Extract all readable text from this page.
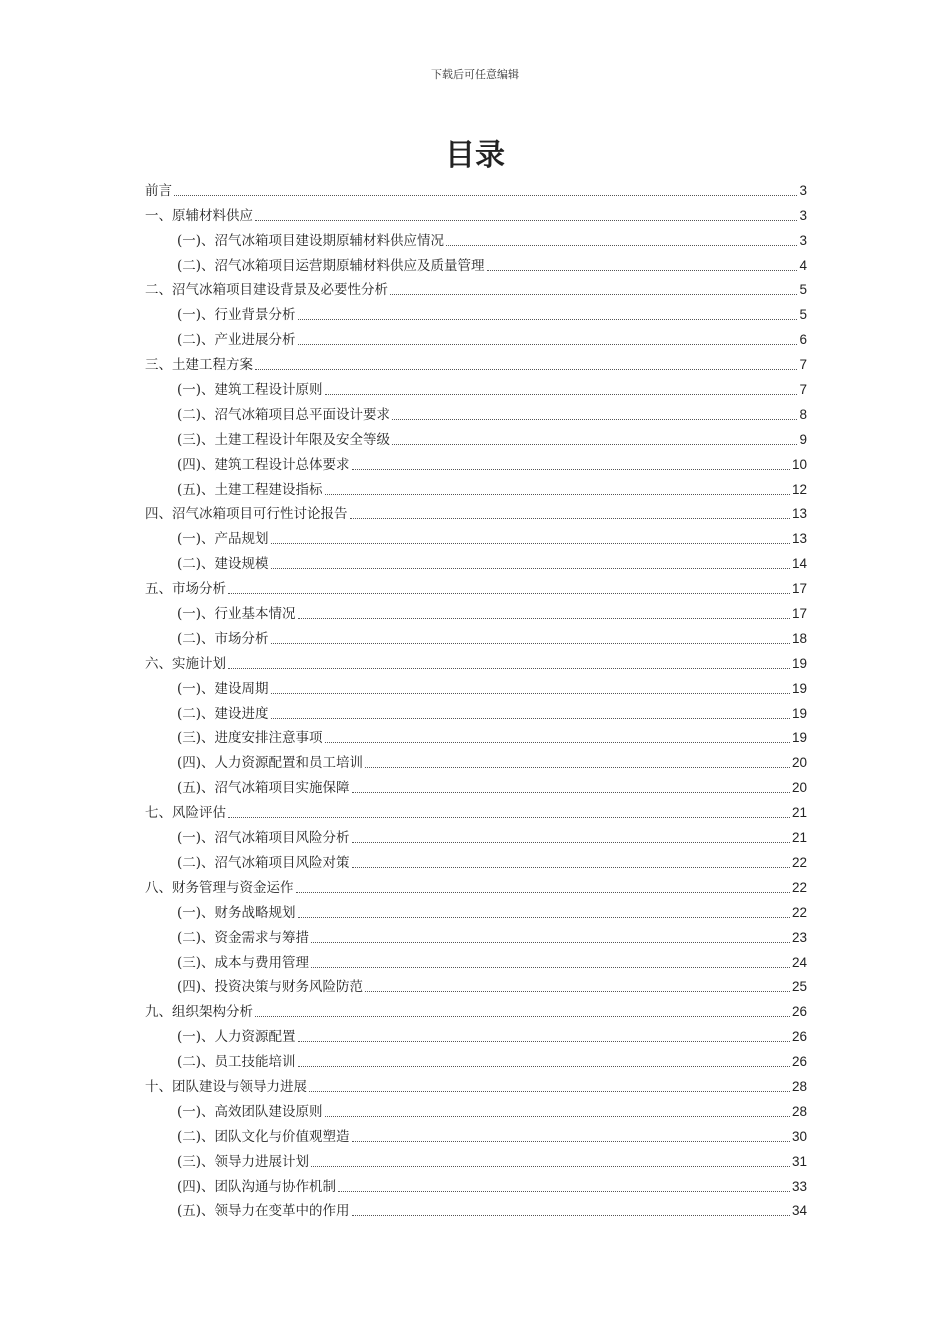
下载后可任意编辑
目录
前言	3
一、原辅材料供应	3
(一)、沼气冰箱项目建设期原辅材料供应情况	3
(二)、沼气冰箱项目运营期原辅材料供应及质量管理	4
二、沼气冰箱项目建设背景及必要性分析	5
(一)、行业背景分析	5
(二)、产业进展分析	6
三、土建工程方案	7
(一)、建筑工程设计原则	7
(二)、沼气冰箱项目总平面设计要求	8
(三)、土建工程设计年限及安全等级	9
(四)、建筑工程设计总体要求	10
(五)、土建工程建设指标	12
四、沼气冰箱项目可行性讨论报告	13
(一)、产品规划	13
(二)、建设规模	14
五、市场分析	17
(一)、行业基本情况	17
(二)、市场分析	18
六、实施计划	19
(一)、建设周期	19
(二)、建设进度	19
(三)、进度安排注意事项	19
(四)、人力资源配置和员工培训	20
(五)、沼气冰箱项目实施保障	20
七、风险评估	21
(一)、沼气冰箱项目风险分析	21
(二)、沼气冰箱项目风险对策	22
八、财务管理与资金运作	22
(一)、财务战略规划	22
(二)、资金需求与筹措	23
(三)、成本与费用管理	24
(四)、投资决策与财务风险防范	25
九、组织架构分析	26
(一)、人力资源配置	26
(二)、员工技能培训	26
十、团队建设与领导力进展	28
(一)、高效团队建设原则	28
(二)、团队文化与价值观塑造	30
(三)、领导力进展计划	31
(四)、团队沟通与协作机制	33
(五)、领导力在变革中的作用	34
